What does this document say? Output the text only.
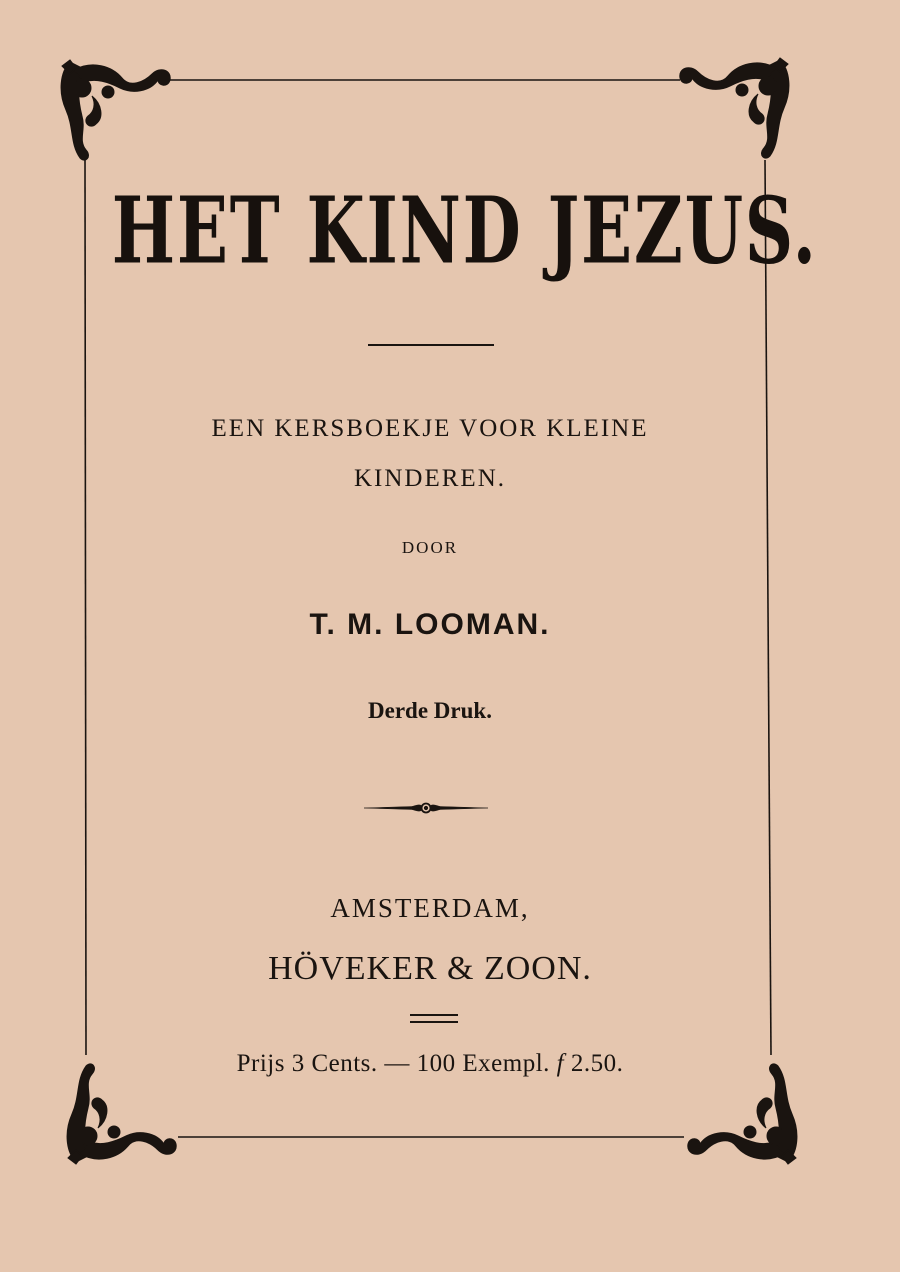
HET KIND JEZUS.
EEN KERSBOEKJE VOOR KLEINE
KINDEREN.
DOOR
T. M. LOOMAN.
Derde Druk.
AMSTERDAM,
HÖVEKER & ZOON.
Prijs 3 Cents. — 100 Exempl. f 2.50.
